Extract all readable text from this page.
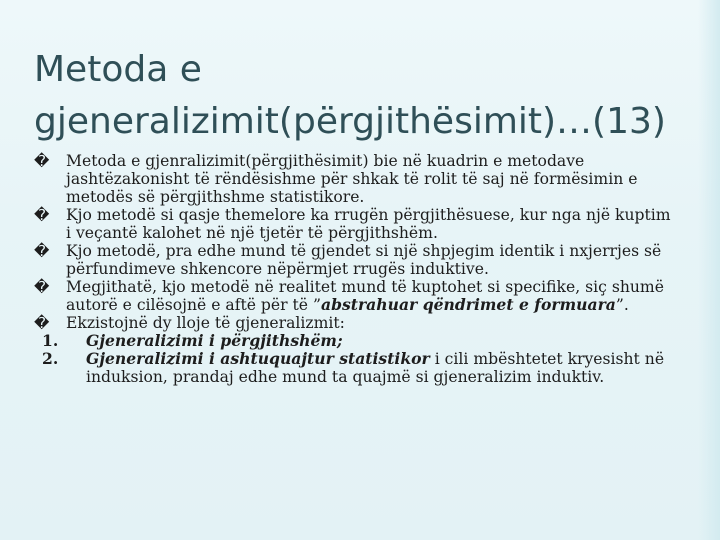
Metoda e
gjeneralizimit(përgjithësimit)…(13)

�	Metoda e gjenralizimit(përgjithësimit) bie në kuadrin e metodave jashtëzakonisht të rëndësishme për shkak të rolit të saj në formësimin e metodës së përgjithshme statistikore.

�	Kjo metodë si qasje themelore ka rrugën përgjithësuese, kur nga një kuptim i veçantë kalohet në një tjetër të përgjithshëm.

�	Kjo metodë, pra edhe mund të gjendet si një shpjegim identik i nxjerrjes së përfundimeve shkencore nëpërmjet rrugës induktive.

�	Megjithatë, kjo metodë në realitet mund të kuptohet si specifike, siç shumë autorë e cilësojnë e aftë për të ”abstrahuar qëndrimet e formuara”.

�	Ekzistojnë dy lloje të gjeneralizmit:

1. Gjeneralizimi i përgjithshëm;

2. Gjeneralizimi i ashtuquajtur statistikor i cili mbështetet kryesisht në induksion, prandaj edhe mund ta quajmë si gjeneralizim induktiv.
